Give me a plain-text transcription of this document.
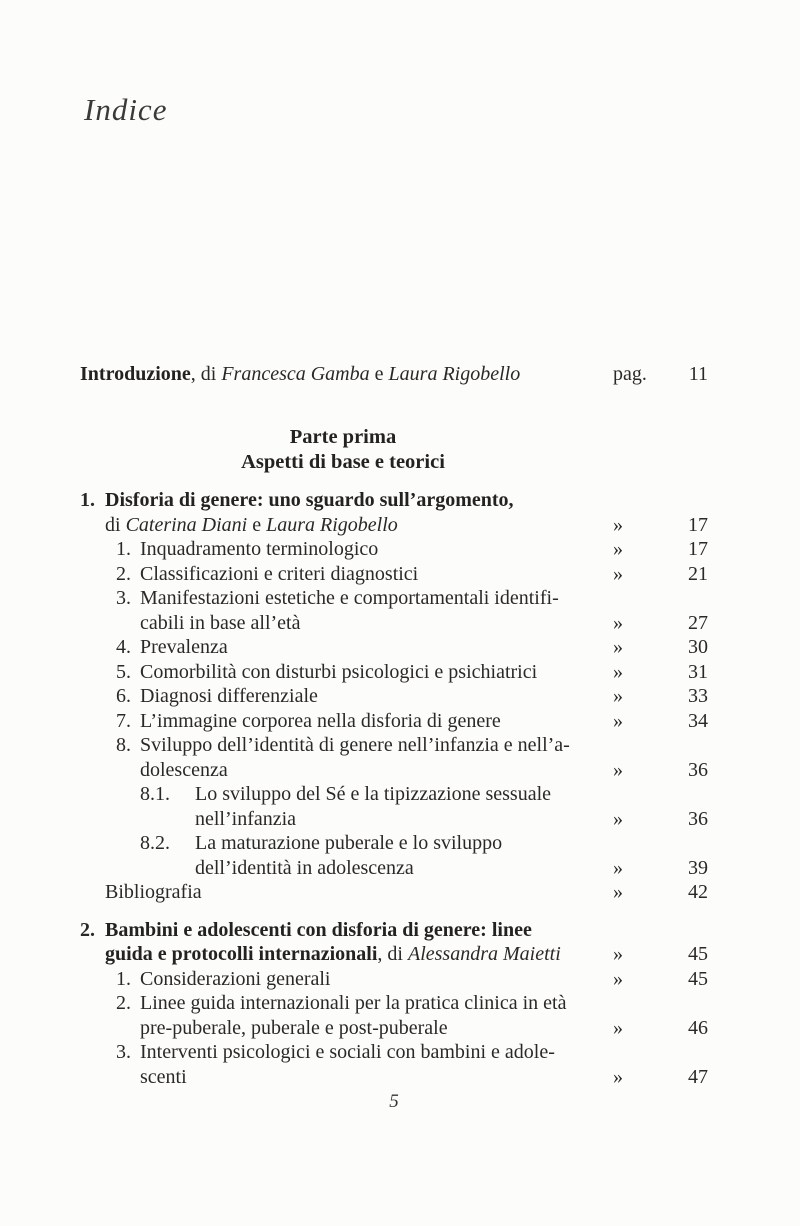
Indice
Introduzione, di Francesca Gamba e Laura Rigobello	pag.	11
Parte prima
Aspetti di base e teorici
1. Disforia di genere: uno sguardo sull’argomento,
di Caterina Diani e Laura Rigobello	»	17
1. Inquadramento terminologico	»	17
2. Classificazioni e criteri diagnostici	»	21
3. Manifestazioni estetiche e comportamentali identifi-
cabili in base all’età	»	27
4. Prevalenza	»	30
5. Comorbilità con disturbi psicologici e psichiatrici	»	31
6. Diagnosi differenziale	»	33
7. L’immagine corporea nella disforia di genere	»	34
8. Sviluppo dell’identità di genere nell’infanzia e nell’a-
dolescenza	»	36
8.1. Lo sviluppo del Sé e la tipizzazione sessuale
nell’infanzia	»	36
8.2. La maturazione puberale e lo sviluppo
dell’identità in adolescenza	»	39
Bibliografia	»	42
2. Bambini e adolescenti con disforia di genere: linee
guida e protocolli internazionali, di Alessandra Maietti	»	45
1. Considerazioni generali	»	45
2. Linee guida internazionali per la pratica clinica in età
pre-puberale, puberale e post-puberale	»	46
3. Interventi psicologici e sociali con bambini e adole-
scenti	»	47
5
